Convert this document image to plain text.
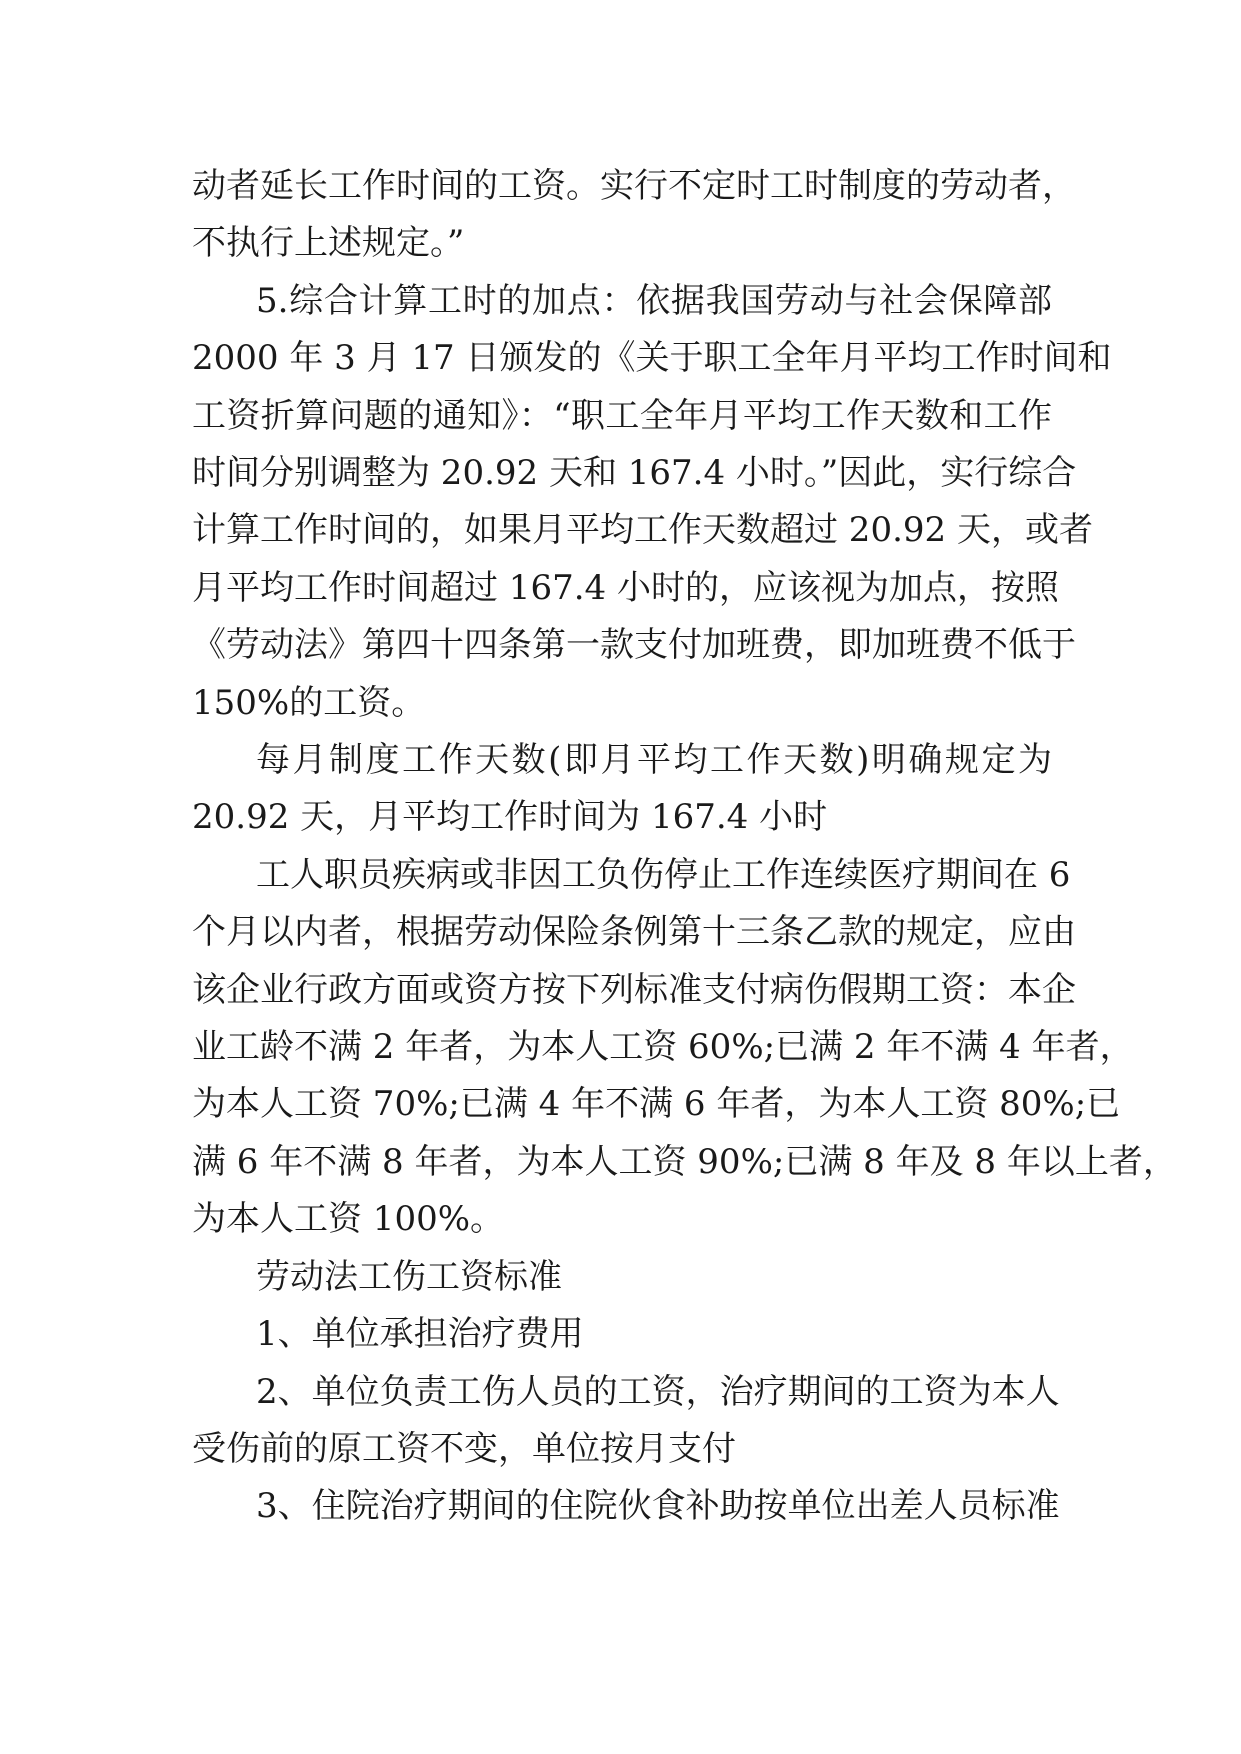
动者延长工作时间的工资。实行不定时工时制度的劳动者，
不执行上述规定。”
5.综合计算工时的加点：依据我国劳动与社会保障部
2000 年 3 月 17 日颁发的《关于职工全年月平均工作时间和
工资折算问题的通知》：“职工全年月平均工作天数和工作
时间分别调整为 20.92 天和 167.4 小时。”因此，实行综合
计算工作时间的，如果月平均工作天数超过 20.92 天，或者
月平均工作时间超过 167.4 小时的，应该视为加点，按照
《劳动法》第四十四条第一款支付加班费，即加班费不低于
150%的工资。
每月制度工作天数(即月平均工作天数)明确规定为
20.92 天，月平均工作时间为 167.4 小时
工人职员疾病或非因工负伤停止工作连续医疗期间在 6
个月以内者，根据劳动保险条例第十三条乙款的规定，应由
该企业行政方面或资方按下列标准支付病伤假期工资：本企
业工龄不满 2 年者，为本人工资 60%;已满 2 年不满 4 年者，
为本人工资 70%;已满 4 年不满 6 年者，为本人工资 80%;已
满 6 年不满 8 年者，为本人工资 90%;已满 8 年及 8 年以上者，
为本人工资 100%。
劳动法工伤工资标准
1、单位承担治疗费用
2、单位负责工伤人员的工资，治疗期间的工资为本人
受伤前的原工资不变，单位按月支付
3、住院治疗期间的住院伙食补助按单位出差人员标准
